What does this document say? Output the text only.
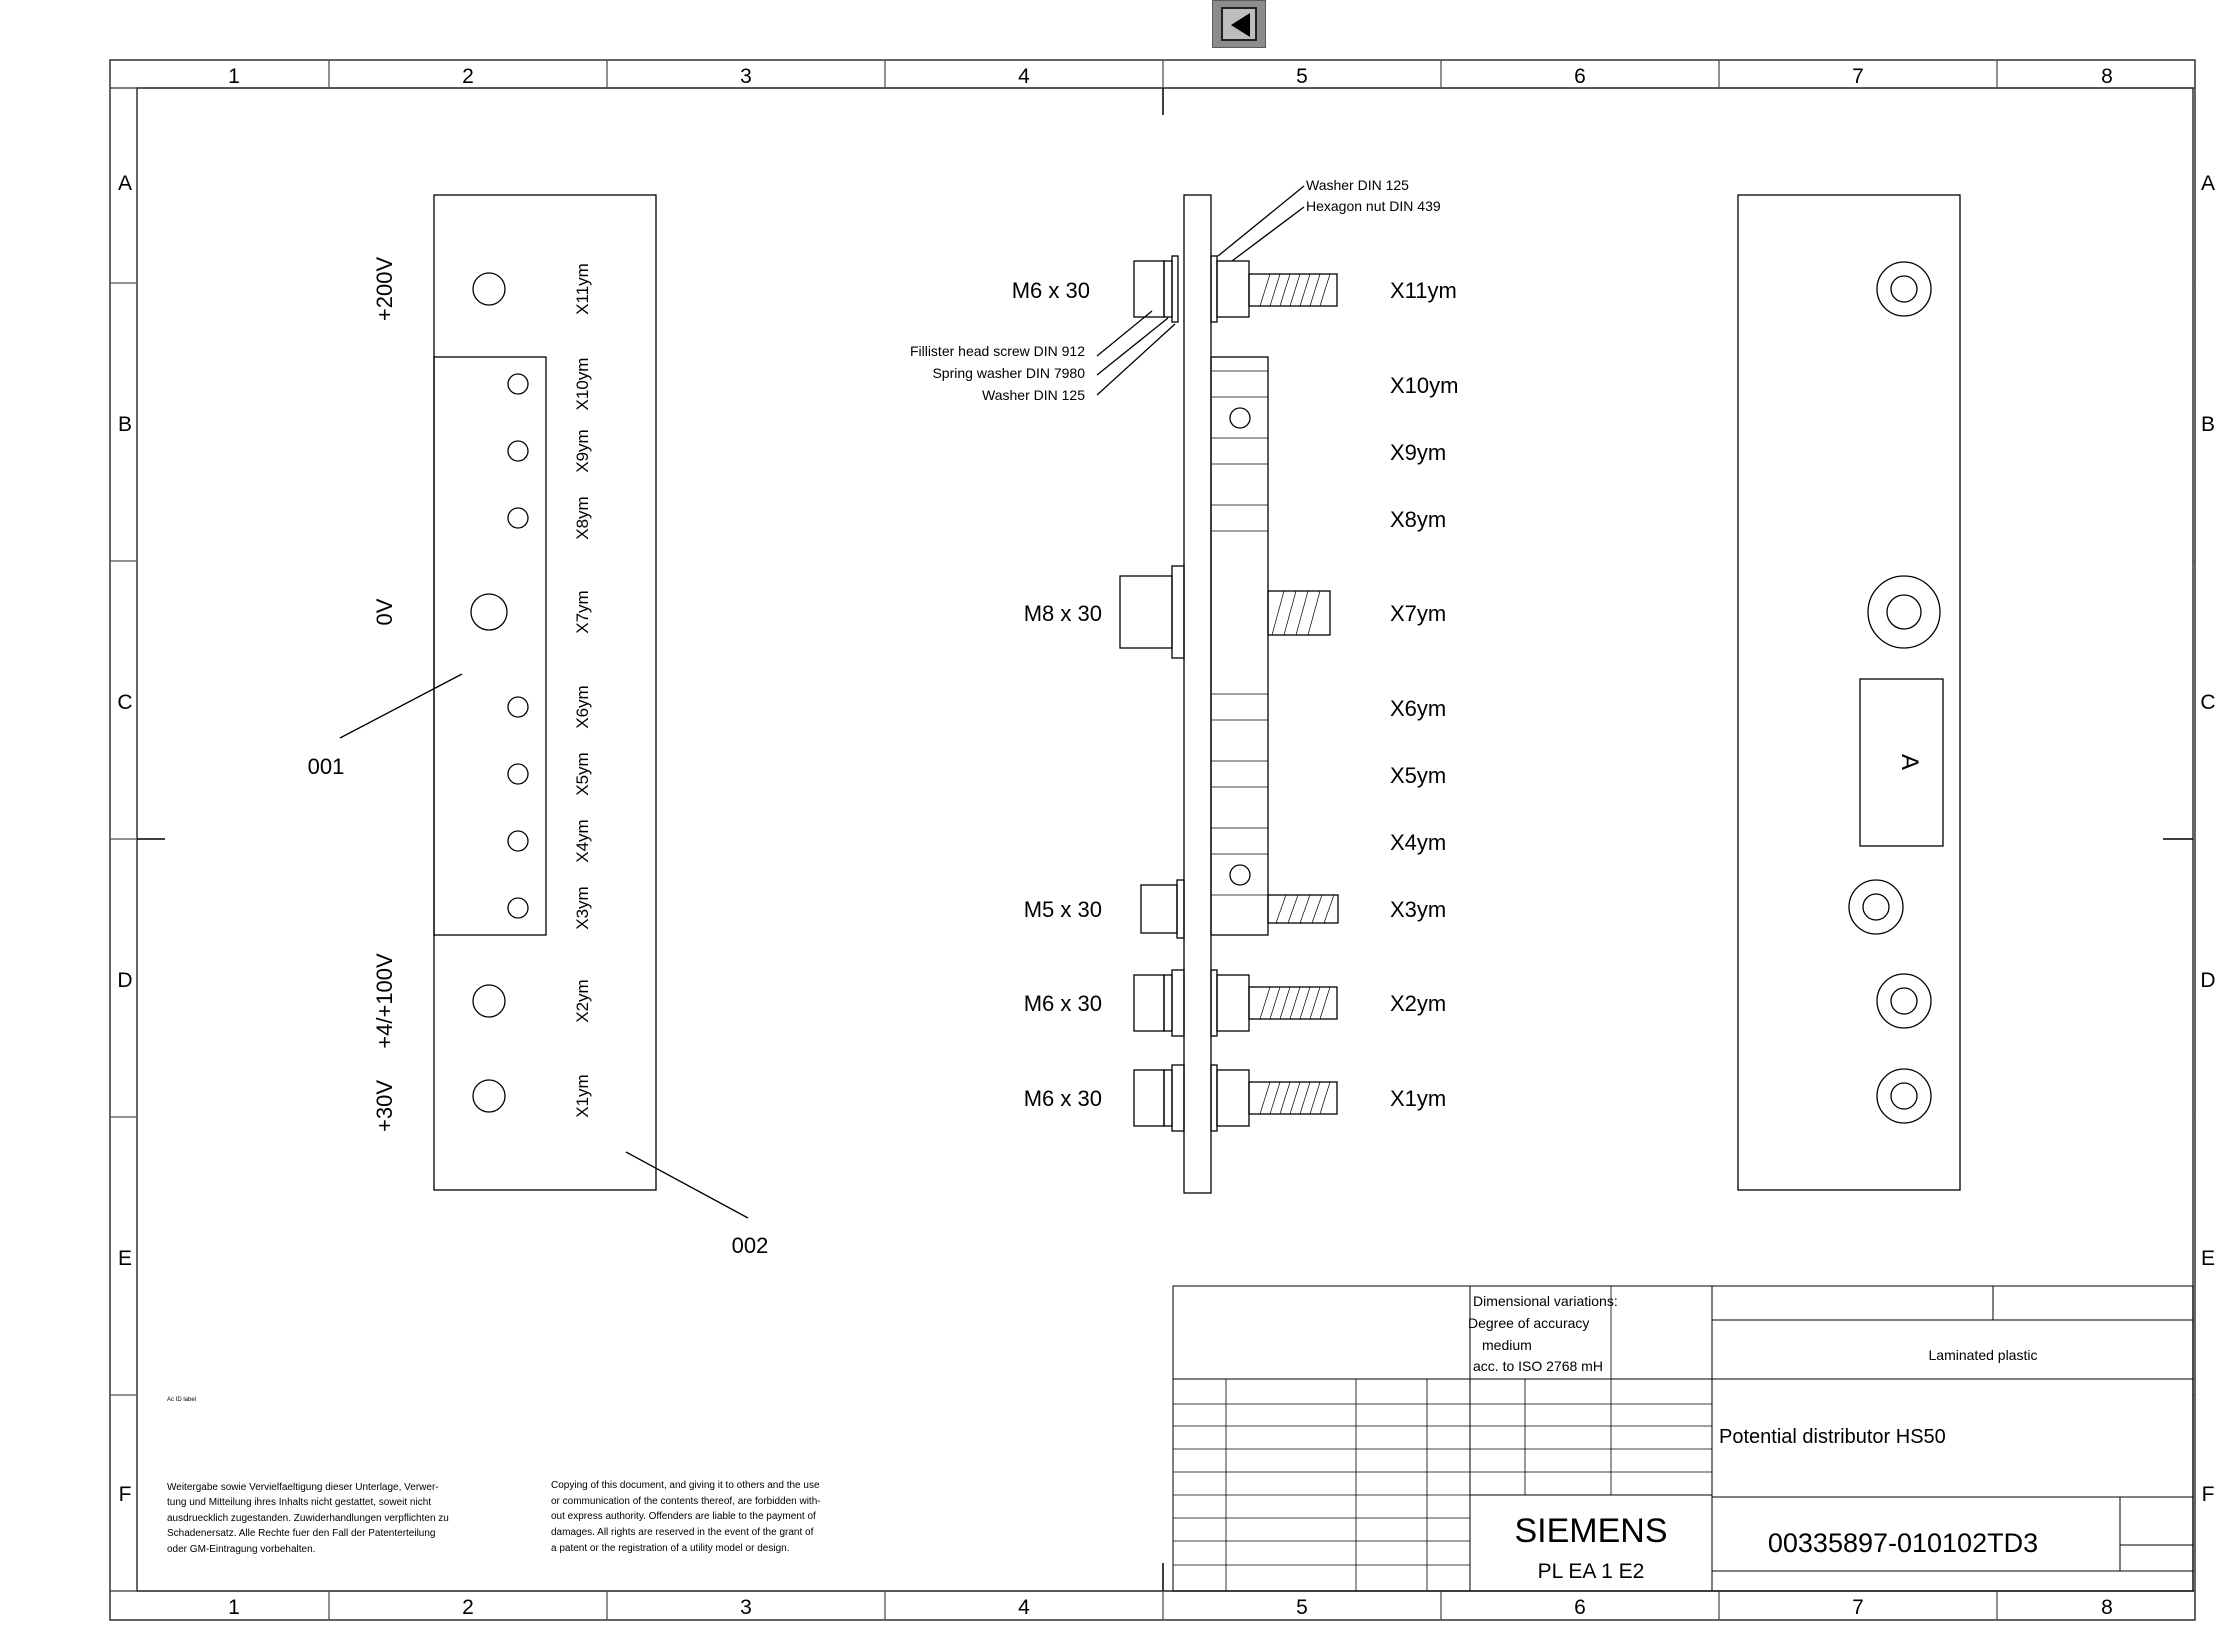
1	2	3	4	5	6	7	8
1	2	3	4	5	6	7	8
A
B
C
D
E
F
A
B
C
D
E
F
+200V
0V
+4/+100V
+30V
X11ym
X10ym
X9ym
X8ym
X7ym
X6ym
X5ym
X4ym
X3ym
X2ym
X1ym
001
002
Washer DIN 125
Hexagon nut DIN 439
Fillister head screw DIN 912
Spring washer DIN 7980
Washer DIN 125
M6 x 30
M8 x 30
M5 x 30
M6 x 30
M6 x 30
X11ym
X10ym
X9ym
X8ym
X7ym
X6ym
X5ym
X4ym
X3ym
X2ym
X1ym
A
Ac ID label
Weitergabe sowie Vervielfaeltigung dieser Unterlage, Verwer-
tung und Mitteilung ihres Inhalts nicht gestattet, soweit nicht
ausdruecklich zugestanden. Zuwiderhandlungen verpflichten zu
Schadenersatz. Alle Rechte fuer den Fall der Patenterteilung
oder GM-Eintragung vorbehalten.
Copying of this document, and giving it to others and the use
or communication of the contents thereof, are forbidden with-
out express authority. Offenders are liable to the payment of
damages. All rights are reserved in the event of the grant of
a patent or the registration of a utility model or design.
Dimensional variations:
Degree of accuracy
medium
acc. to ISO 2768 mH
Laminated plastic
Potential distributor HS50
SIEMENS
PL EA 1 E2
00335897-010102TD3
